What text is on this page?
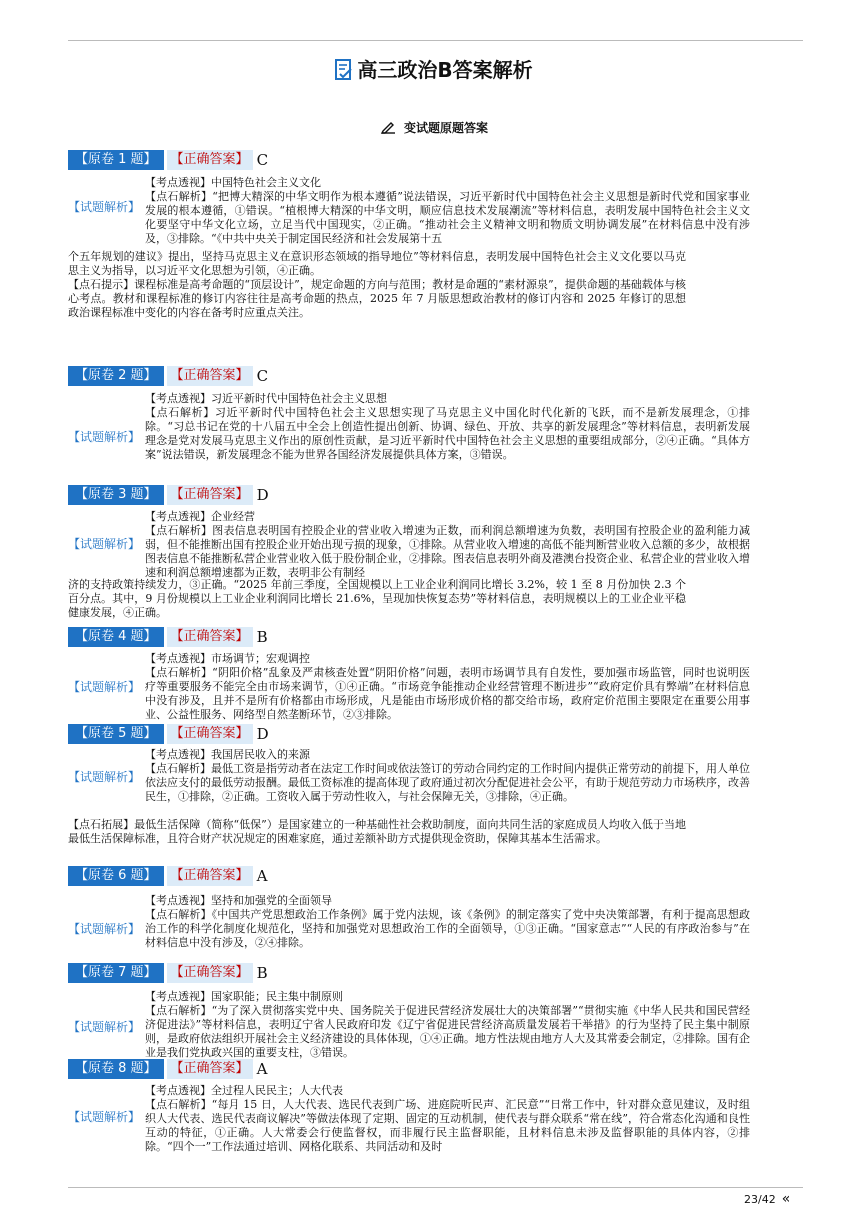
高三政治B答案解析
变试题原题答案
【原卷 1 题】	【正确答案】 C
【试题解析】

【考点透视】中国特色社会主义文化

【点石解析】“把博大精深的中华文明作为根本遵循”说法错误，习近平新时代中国特色社会主义思想是新时代党和国家事业发展的根本遵循，①错误。“植根博大精深的中华文明，顺应信息技术发展潮流”等材料信息，表明发展中国特色社会主义文化要坚守中华文化立场，立足当代中国现实，②正确。“推动社会主义精神文明和物质文明协调发展”在材料信息中没有涉及，③排除。“《中共中央关于制定国民经济和社会发展第十五

个五年规划的建议》提出，坚持马克思主义在意识形态领域的指导地位”等材料信息，表明发展中国特色社会主义文化要以马克思主义为指导，以习近平文化思想为引领，④正确。

【点石提示】课程标准是高考命题的“顶层设计”，规定命题的方向与范围；教材是命题的“素材源泉”，提供命题的基础载体与核心考点。教材和课程标准的修订内容往往是高考命题的热点，2025 年 7 月版思想政治教材的修订内容和 2025 年修订的思想政治课程标准中变化的内容在备考时应重点关注。

【原卷 2 题】	【正确答案】 C
【试题解析】

【考点透视】习近平新时代中国特色社会主义思想

【点石解析】习近平新时代中国特色社会主义思想实现了马克思主义中国化时代化新的飞跃，而不是新发展理念，①排除。“习总书记在党的十八届五中全会上创造性提出创新、协调、绿色、开放、共享的新发展理念”等材料信息，表明新发展理念是党对发展马克思主义作出的原创性贡献，是习近平新时代中国特色社会主义思想的重要组成部分，②④正确。“具体方案”说法错误，新发展理念不能为世界各国经济发展提供具体方案，③错误。

【原卷 3 题】	【正确答案】 D
【试题解析】

【考点透视】企业经营

【点石解析】图表信息表明国有控股企业的营业收入增速为正数，而利润总额增速为负数，表明国有控股企业的盈利能力减弱，但不能推断出国有控股企业开始出现亏损的现象，①排除。从营业收入增速的高低不能判断营业收入总额的多少，故根据图表信息不能推断私营企业营业收入低于股份制企业，②排除。图表信息表明外商及港澳台投资企业、私营企业的营业收入增速和利润总额增速都为正数，表明非公有制经

济的支持政策持续发力，③正确。“2025 年前三季度，全国规模以上工业企业利润同比增长 3.2%，较 1 至 8 月份加快 2.3 个百分点。其中，9 月份规模以上工业企业利润同比增长 21.6%，呈现加快恢复态势”等材料信息，表明规模以上的工业企业平稳健康发展，④正确。

【原卷 4 题】	【正确答案】 B
【试题解析】

【考点透视】市场调节；宏观调控

【点石解析】“阴阳价格”乱象及严肃核查处置“阴阳价格”问题，表明市场调节具有自发性，要加强市场监管，同时也说明医疗等重要服务不能完全由市场来调节，①④正确。“市场竞争能推动企业经营管理不断进步”“政府定价具有弊端”在材料信息中没有涉及，且并不是所有价格都由市场形成，凡是能由市场形成价格的都交给市场，政府定价范围主要限定在重要公用事业、公益性服务、网络型自然垄断环节，②③排除。

【原卷 5 题】	【正确答案】 D
【试题解析】

【考点透视】我国居民收入的来源

【点石解析】最低工资是指劳动者在法定工作时间或依法签订的劳动合同约定的工作时间内提供正常劳动的前提下，用人单位依法应支付的最低劳动报酬。最低工资标准的提高体现了政府通过初次分配促进社会公平，有助于规范劳动力市场秩序，改善民生，①排除，②正确。工资收入属于劳动性收入，与社会保障无关，③排除，④正确。

【点石拓展】最低生活保障（简称“低保”）是国家建立的一种基础性社会救助制度，面向共同生活的家庭成员人均收入低于当地最低生活保障标准，且符合财产状况规定的困难家庭，通过差额补助方式提供现金资助，保障其基本生活需求。

【原卷 6 题】	【正确答案】 A
【试题解析】

【考点透视】坚持和加强党的全面领导

【点石解析】《中国共产党思想政治工作条例》属于党内法规，该《条例》的制定落实了党中央决策部署，有利于提高思想政治工作的科学化制度化规范化，坚持和加强党对思想政治工作的全面领导，①③正确。“国家意志”“人民的有序政治参与”在材料信息中没有涉及，②④排除。

【原卷 7 题】	【正确答案】 B
【试题解析】

【考点透视】国家职能；民主集中制原则

【点石解析】“为了深入贯彻落实党中央、国务院关于促进民营经济发展壮大的决策部署”“贯彻实施《中华人民共和国民营经济促进法》”等材料信息，表明辽宁省人民政府印发《辽宁省促进民营经济高质量发展若干举措》的行为坚持了民主集中制原则，是政府依法组织开展社会主义经济建设的具体体现，①④正确。地方性法规由地方人大及其常委会制定，②排除。国有企业是我们党执政兴国的重要支柱，③错误。

【原卷 8 题】	【正确答案】 A
【试题解析】

【考点透视】全过程人民民主；人大代表

【点石解析】“每月 15 日，人大代表、选民代表到广场、进庭院听民声、汇民意”“日常工作中，针对群众意见建议，及时组织人大代表、选民代表商议解决”等做法体现了定期、固定的互动机制，使代表与群众联系“常在线”，符合常态化沟通和良性互动的特征，①正确。人大常委会行使监督权，而非履行民主监督职能，且材料信息未涉及监督职能的具体内容，②排除。“四个一”工作法通过培训、网格化联系、共同活动和及时

23/42 «
